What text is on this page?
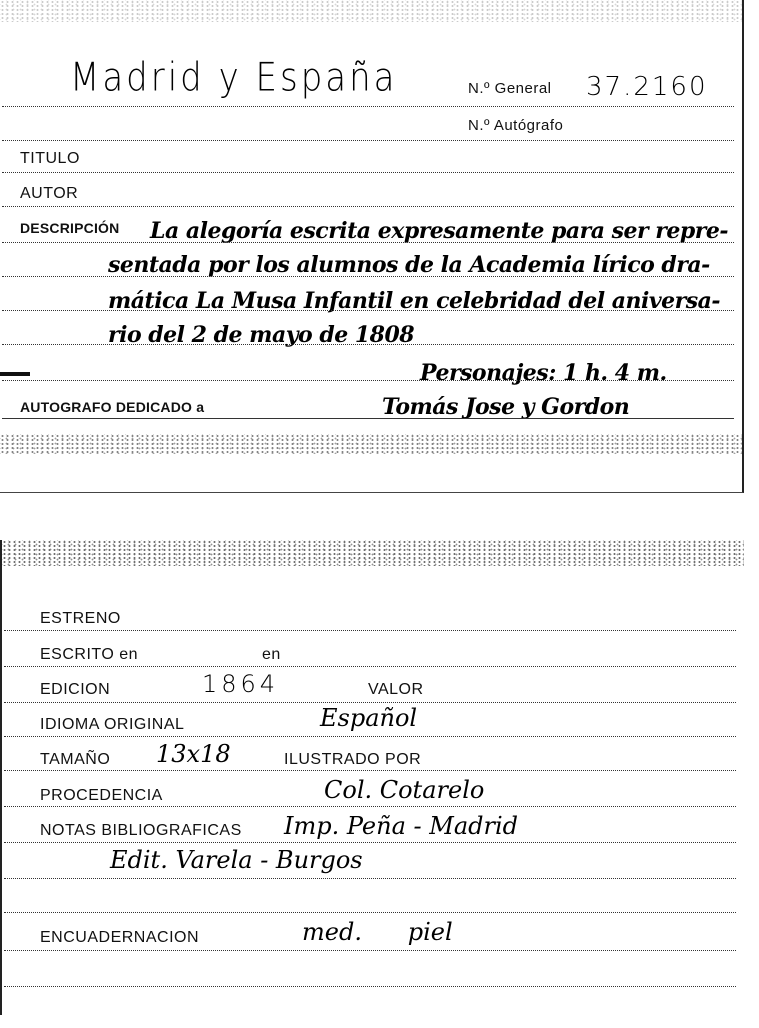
Madrid y España	N.º General 37.2160
N.º Autógrafo
TITULO
AUTOR
DESCRIPCIÓN La alegoría escrita expresamente para ser repre-
sentada por los alumnos de la Academia lírico dra-
mática La Musa Infantil en celebridad del aniversa-
rio del 2 de mayo de 1808
Personajes: 1 h. 4 m.
AUTOGRAFO DEDICADO a	Tomás Jose y Gordon
ESTRENO
ESCRITO en	en
EDICION	1864	VALOR
IDIOMA ORIGINAL	Español
TAMAÑO 13x18	ILUSTRADO POR
PROCEDENCIA	Col. Cotarelo
NOTAS BIBLIOGRAFICAS Imp. Peña - Madrid
Edit. Varela - Burgos
ENCUADERNACION	med.      piel
